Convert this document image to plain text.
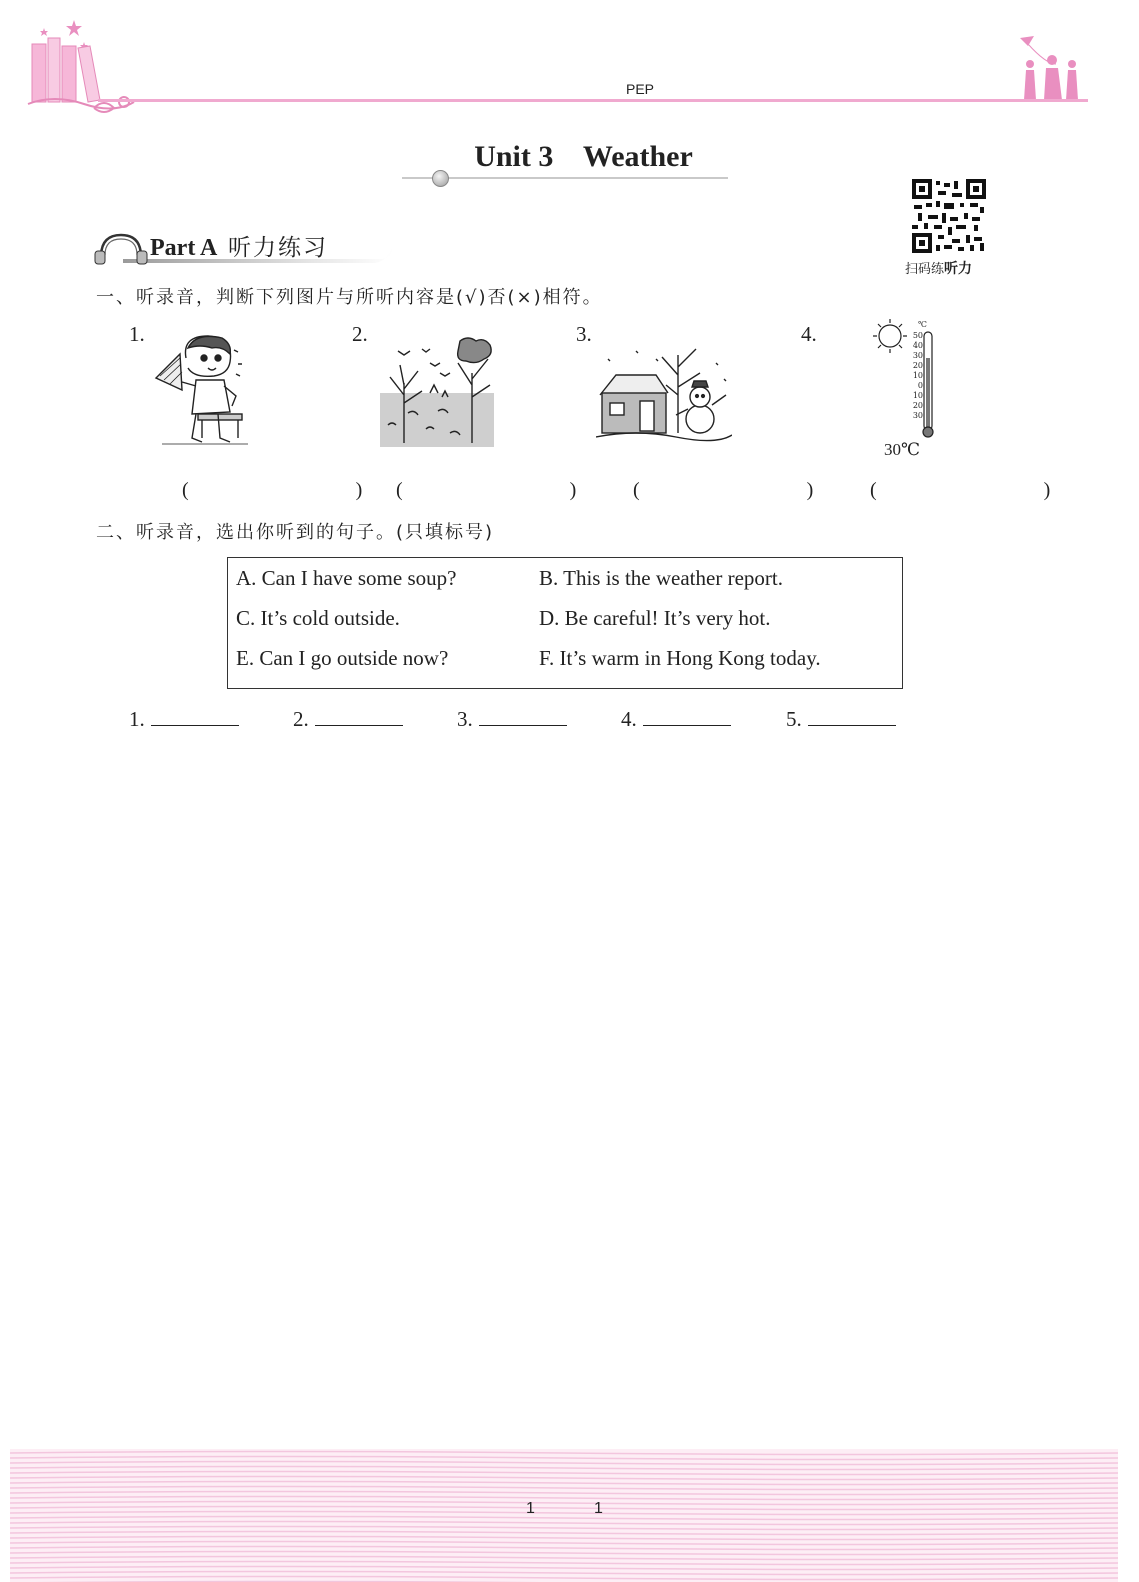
PEP
Unit 3 Weather
扫码练听力
Part A 听力练习
一、听录音，判断下列图片与所听内容是(√)否(×)相符。
1.	2.	3.	4.	℃
50
40
30
20
10
0
10
20
30
30℃
(   )
(   ) (   ) (   )
二、听录音，选出你听到的句子。(只填标号)
A. Can I have some soup?	B. This is the weather report.
C. It’s cold outside.	D. Be careful! It’s very hot.
E. Can I go outside now?	F. It’s warm in Hong Kong today.
1.	2.	3.	4.	5.
1	1
